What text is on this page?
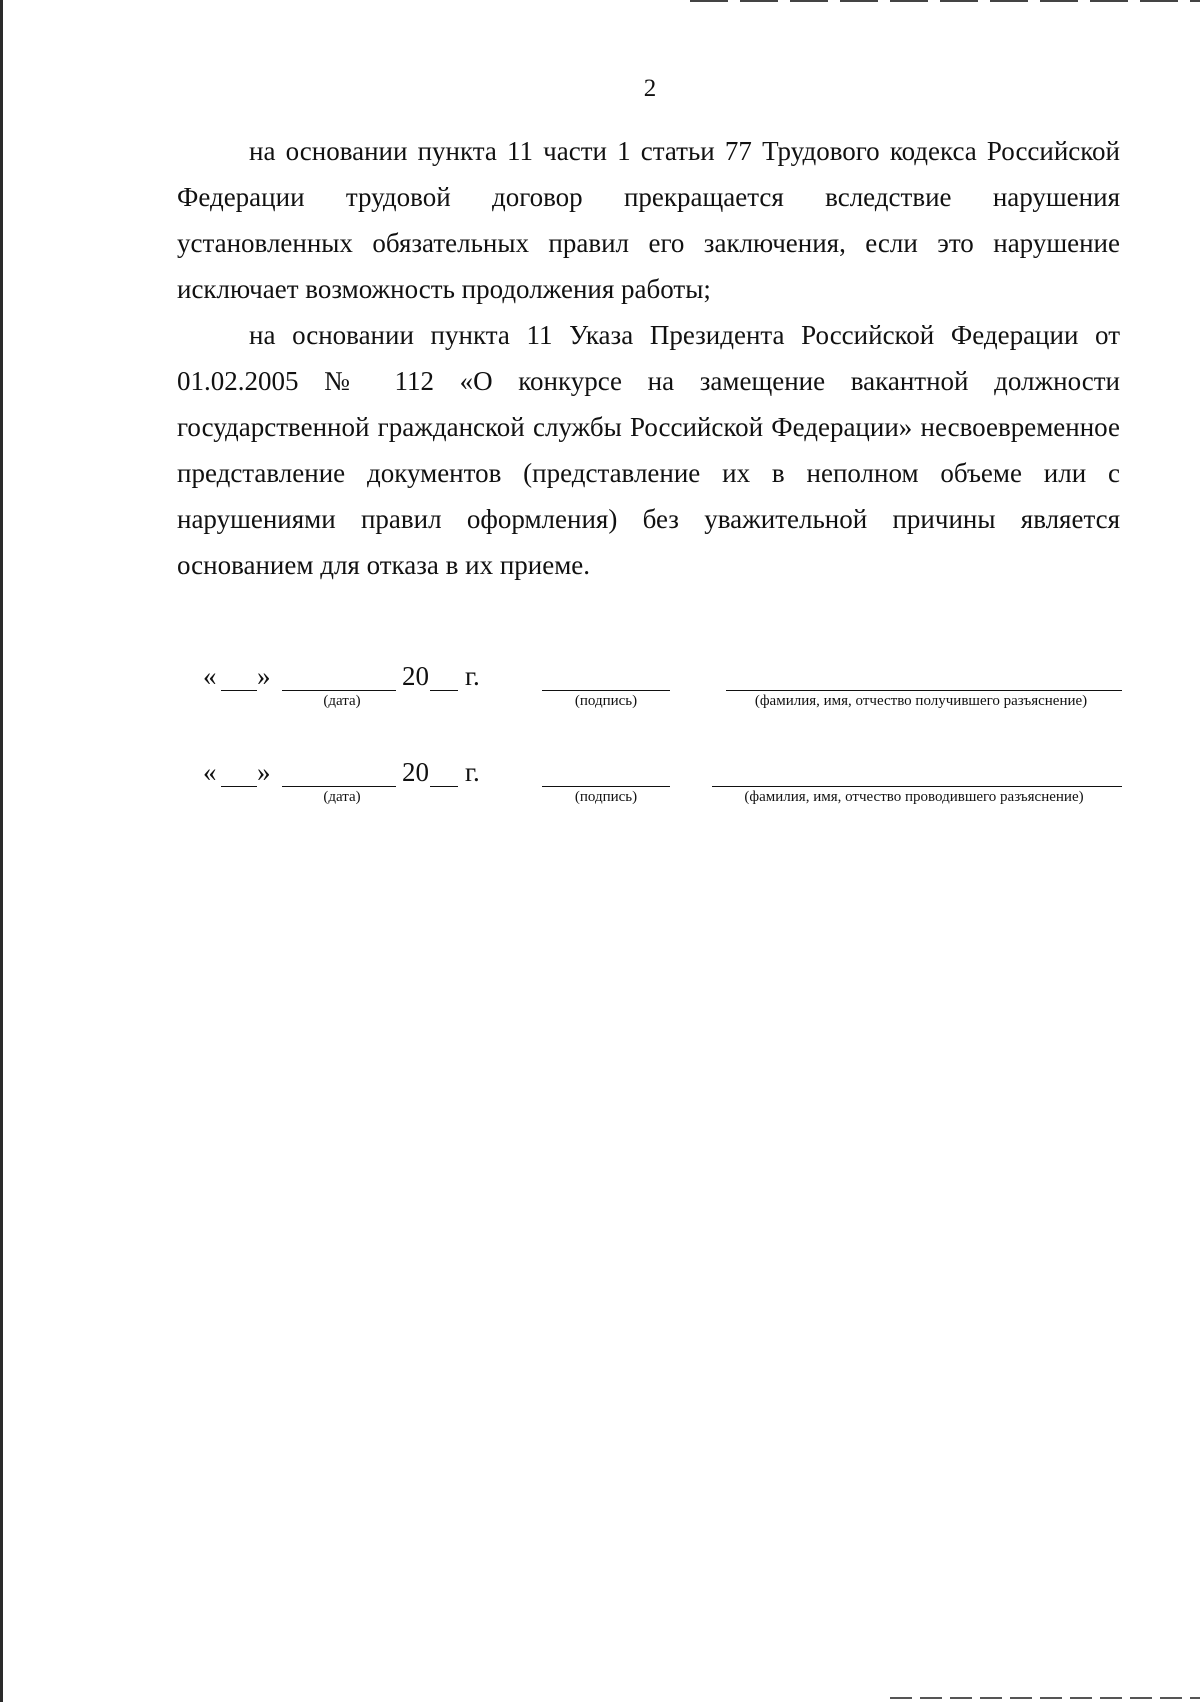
2

на основании пункта 11 части 1 статьи 77 Трудового кодекса Российской Федерации трудовой договор прекращается вследствие нарушения установленных обязательных правил его заключения, если это нарушение исключает возможность продолжения работы;

на основании пункта 11 Указа Президента Российской Федерации от 01.02.2005 № 112 «О конкурсе на замещение вакантной должности государственной гражданской службы Российской Федерации» несвоевременное представление документов (представление их в неполном объеме или с нарушениями правил оформления) без уважительной причины является основанием для отказа в их приеме.

« »	20 г.
(дата)	(подпись)	(фамилия, имя, отчество получившего разъяснение)
« »	20 г.
(дата)	(подпись)	(фамилия, имя, отчество проводившего разъяснение)
